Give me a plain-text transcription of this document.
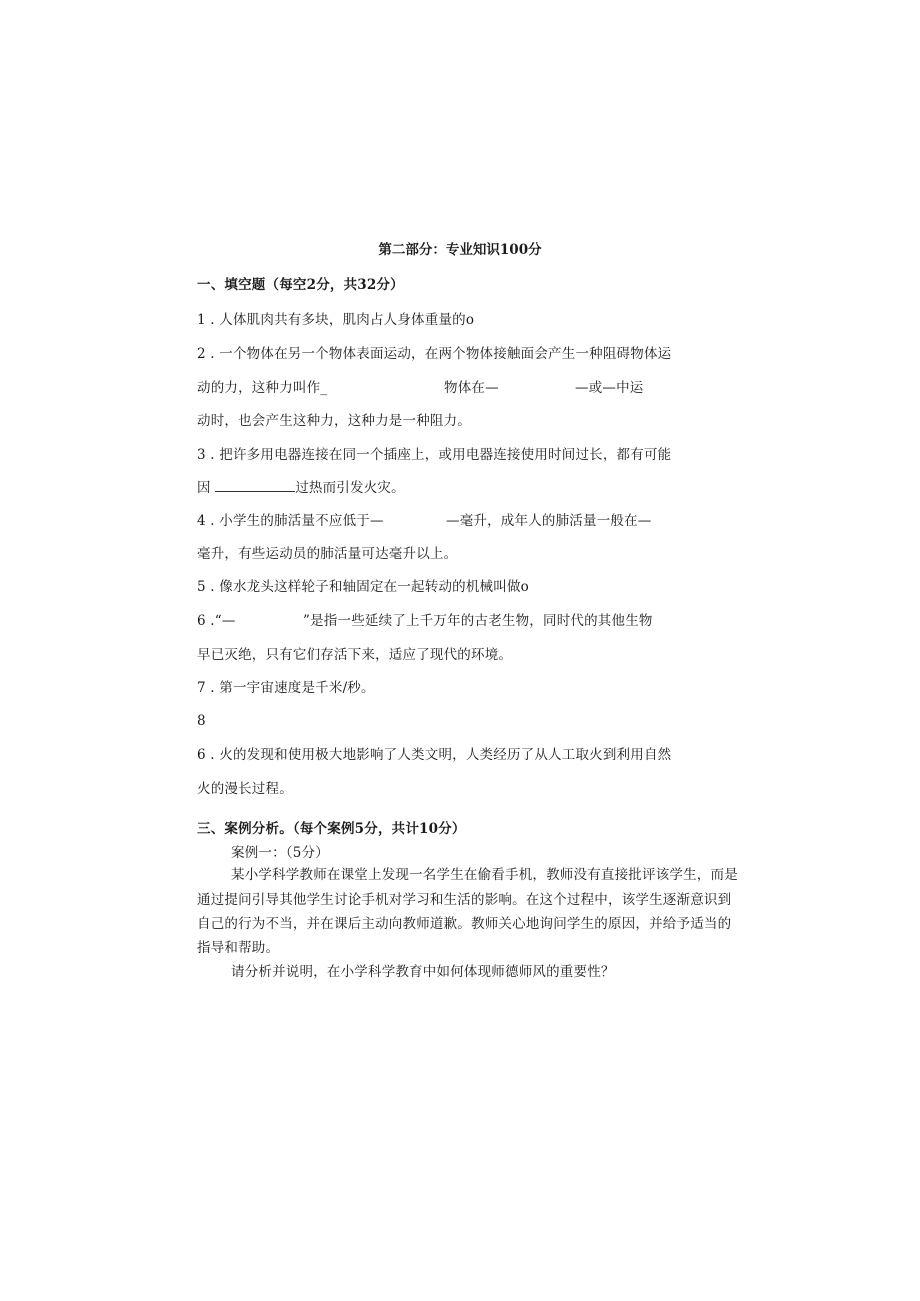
第二部分：专业知识100分
一、填空题（每空2分，共32分）
1 . 人体肌肉共有多块，肌肉占人身体重量的o
2 . 一个物体在另一个物体表面运动，在两个物体接触面会产生一种阻碍物体运
动的力，这种力叫作_	物体在—	—或—中运
动时，也会产生这种力，这种力是一种阻力。
3 . 把许多用电器连接在同一个插座上，或用电器连接使用时间过长，都有可能
因	过热而引发火灾。
4 . 小学生的肺活量不应低于—	—毫升，成年人的肺活量一般在—
毫升，有些运动员的肺活量可达毫升以上。
5 . 像水龙头这样轮子和轴固定在一起转动的机械叫做o
6 .“—	”是指一些延续了上千万年的古老生物，同时代的其他生物
早已灭绝，只有它们存活下来，适应了现代的环境。
7 . 第一宇宙速度是千米/秒。
8
6 . 火的发现和使用极大地影响了人类文明，人类经历了从人工取火到利用自然
火的漫长过程。
三、案例分析。（每个案例5分，共计10分）
案例一：（5分）
某小学科学教师在课堂上发现一名学生在偷看手机，教师没有直接批评该学生，而是
通过提问引导其他学生讨论手机对学习和生活的影响。在这个过程中，该学生逐渐意识到
自己的行为不当，并在课后主动向教师道歉。教师关心地询问学生的原因，并给予适当的
指导和帮助。
请分析并说明，在小学科学教育中如何体现师德师风的重要性？
